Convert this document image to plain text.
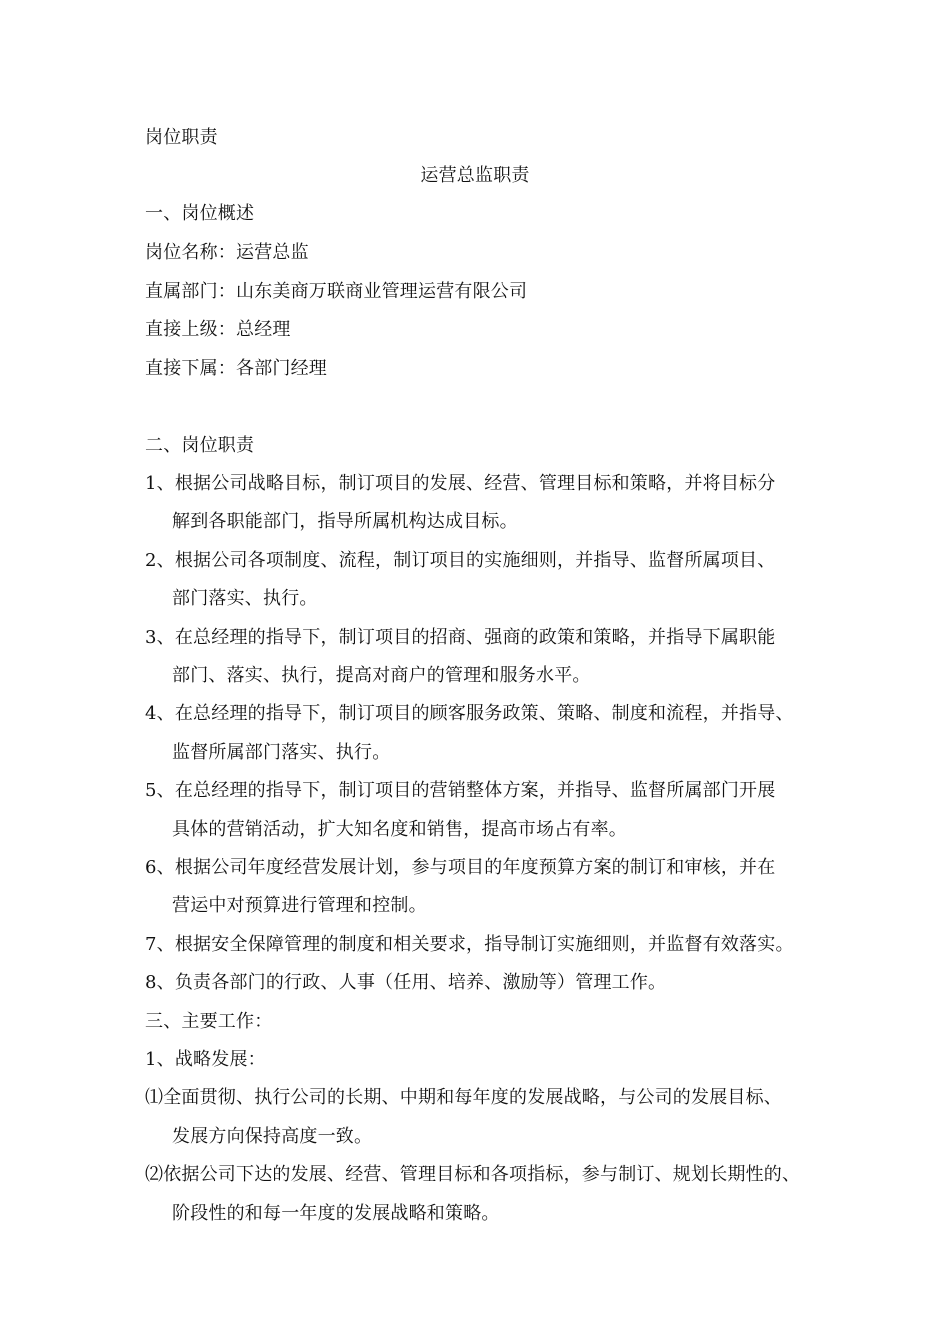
岗位职责
运营总监职责
一、岗位概述
岗位名称：运营总监
直属部门：山东美商万联商业管理运营有限公司
直接上级：总经理
直接下属：各部门经理
二、岗位职责
1、根据公司战略目标，制订项目的发展、经营、管理目标和策略，并将目标分
解到各职能部门，指导所属机构达成目标。
2、根据公司各项制度、流程，制订项目的实施细则，并指导、监督所属项目、
部门落实、执行。
3、在总经理的指导下，制订项目的招商、强商的政策和策略，并指导下属职能
部门、落实、执行，提高对商户的管理和服务水平。
4、在总经理的指导下，制订项目的顾客服务政策、策略、制度和流程，并指导、
监督所属部门落实、执行。
5、在总经理的指导下，制订项目的营销整体方案，并指导、监督所属部门开展
具体的营销活动，扩大知名度和销售，提高市场占有率。
6、根据公司年度经营发展计划，参与项目的年度预算方案的制订和审核，并在
营运中对预算进行管理和控制。
7、根据安全保障管理的制度和相关要求，指导制订实施细则，并监督有效落实。
8、负责各部门的行政、人事（任用、培养、激励等）管理工作。
三、主要工作：
1、战略发展：
⑴全面贯彻、执行公司的长期、中期和每年度的发展战略，与公司的发展目标、
发展方向保持高度一致。
⑵依据公司下达的发展、经营、管理目标和各项指标，参与制订、规划长期性的、
阶段性的和每一年度的发展战略和策略。
